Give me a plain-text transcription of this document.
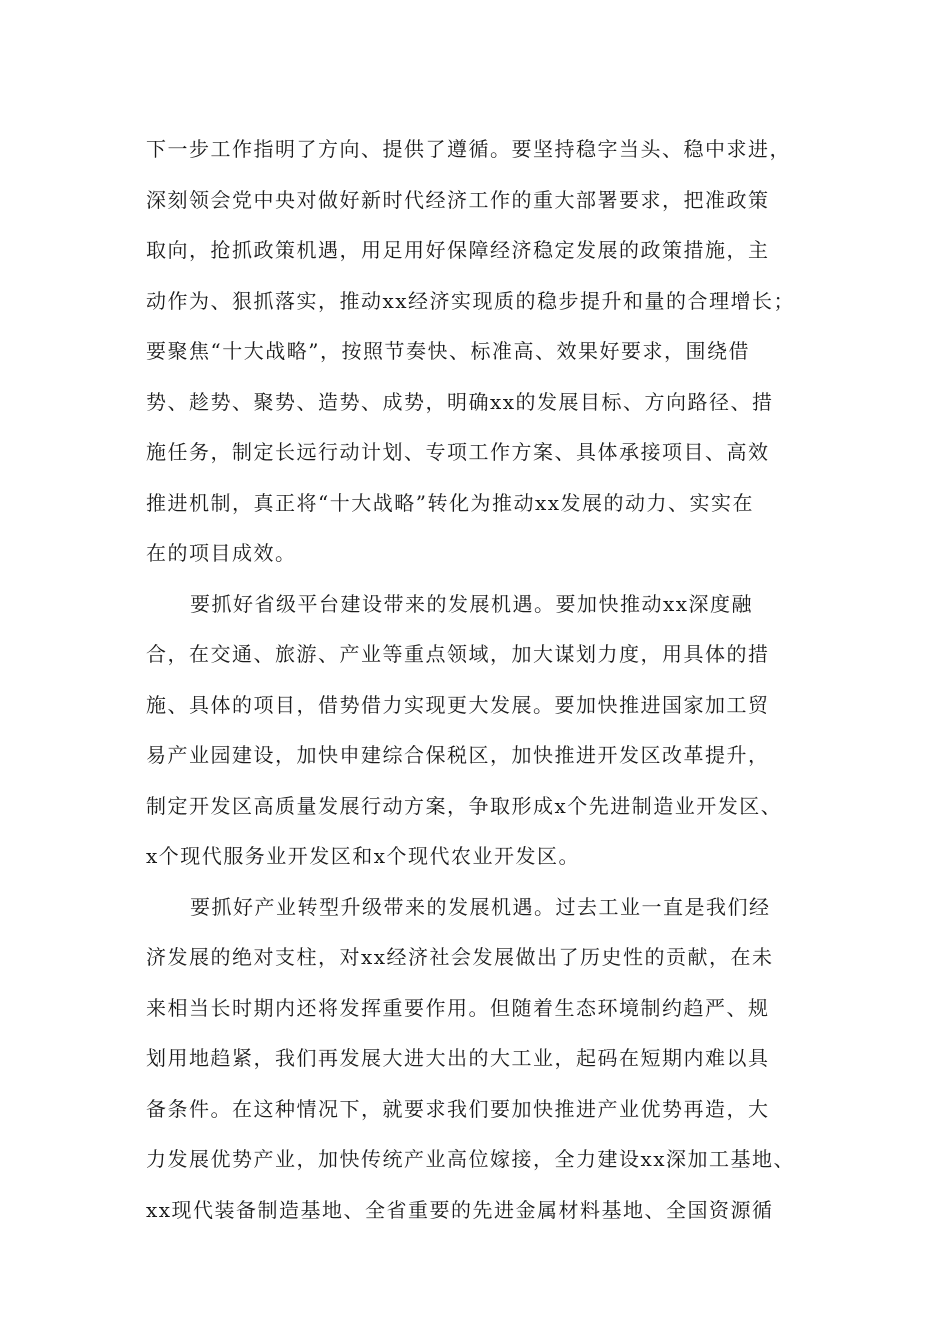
下一步工作指明了方向、提供了遵循。要坚持稳字当头、稳中求进，
深刻领会党中央对做好新时代经济工作的重大部署要求，把准政策
取向，抢抓政策机遇，用足用好保障经济稳定发展的政策措施，主
动作为、狠抓落实，推动xx经济实现质的稳步提升和量的合理增长；
要聚焦“十大战略”，按照节奏快、标准高、效果好要求，围绕借
势、趁势、聚势、造势、成势，明确xx的发展目标、方向路径、措
施任务，制定长远行动计划、专项工作方案、具体承接项目、高效
推进机制，真正将“十大战略”转化为推动xx发展的动力、实实在
在的项目成效。
要抓好省级平台建设带来的发展机遇。要加快推动xx深度融
合，在交通、旅游、产业等重点领域，加大谋划力度，用具体的措
施、具体的项目，借势借力实现更大发展。要加快推进国家加工贸
易产业园建设，加快申建综合保税区，加快推进开发区改革提升，
制定开发区高质量发展行动方案，争取形成x个先进制造业开发区、
x个现代服务业开发区和x个现代农业开发区。
要抓好产业转型升级带来的发展机遇。过去工业一直是我们经
济发展的绝对支柱，对xx经济社会发展做出了历史性的贡献，在未
来相当长时期内还将发挥重要作用。但随着生态环境制约趋严、规
划用地趋紧，我们再发展大进大出的大工业，起码在短期内难以具
备条件。在这种情况下，就要求我们要加快推进产业优势再造，大
力发展优势产业，加快传统产业高位嫁接，全力建设xx深加工基地、
xx现代装备制造基地、全省重要的先进金属材料基地、全国资源循
